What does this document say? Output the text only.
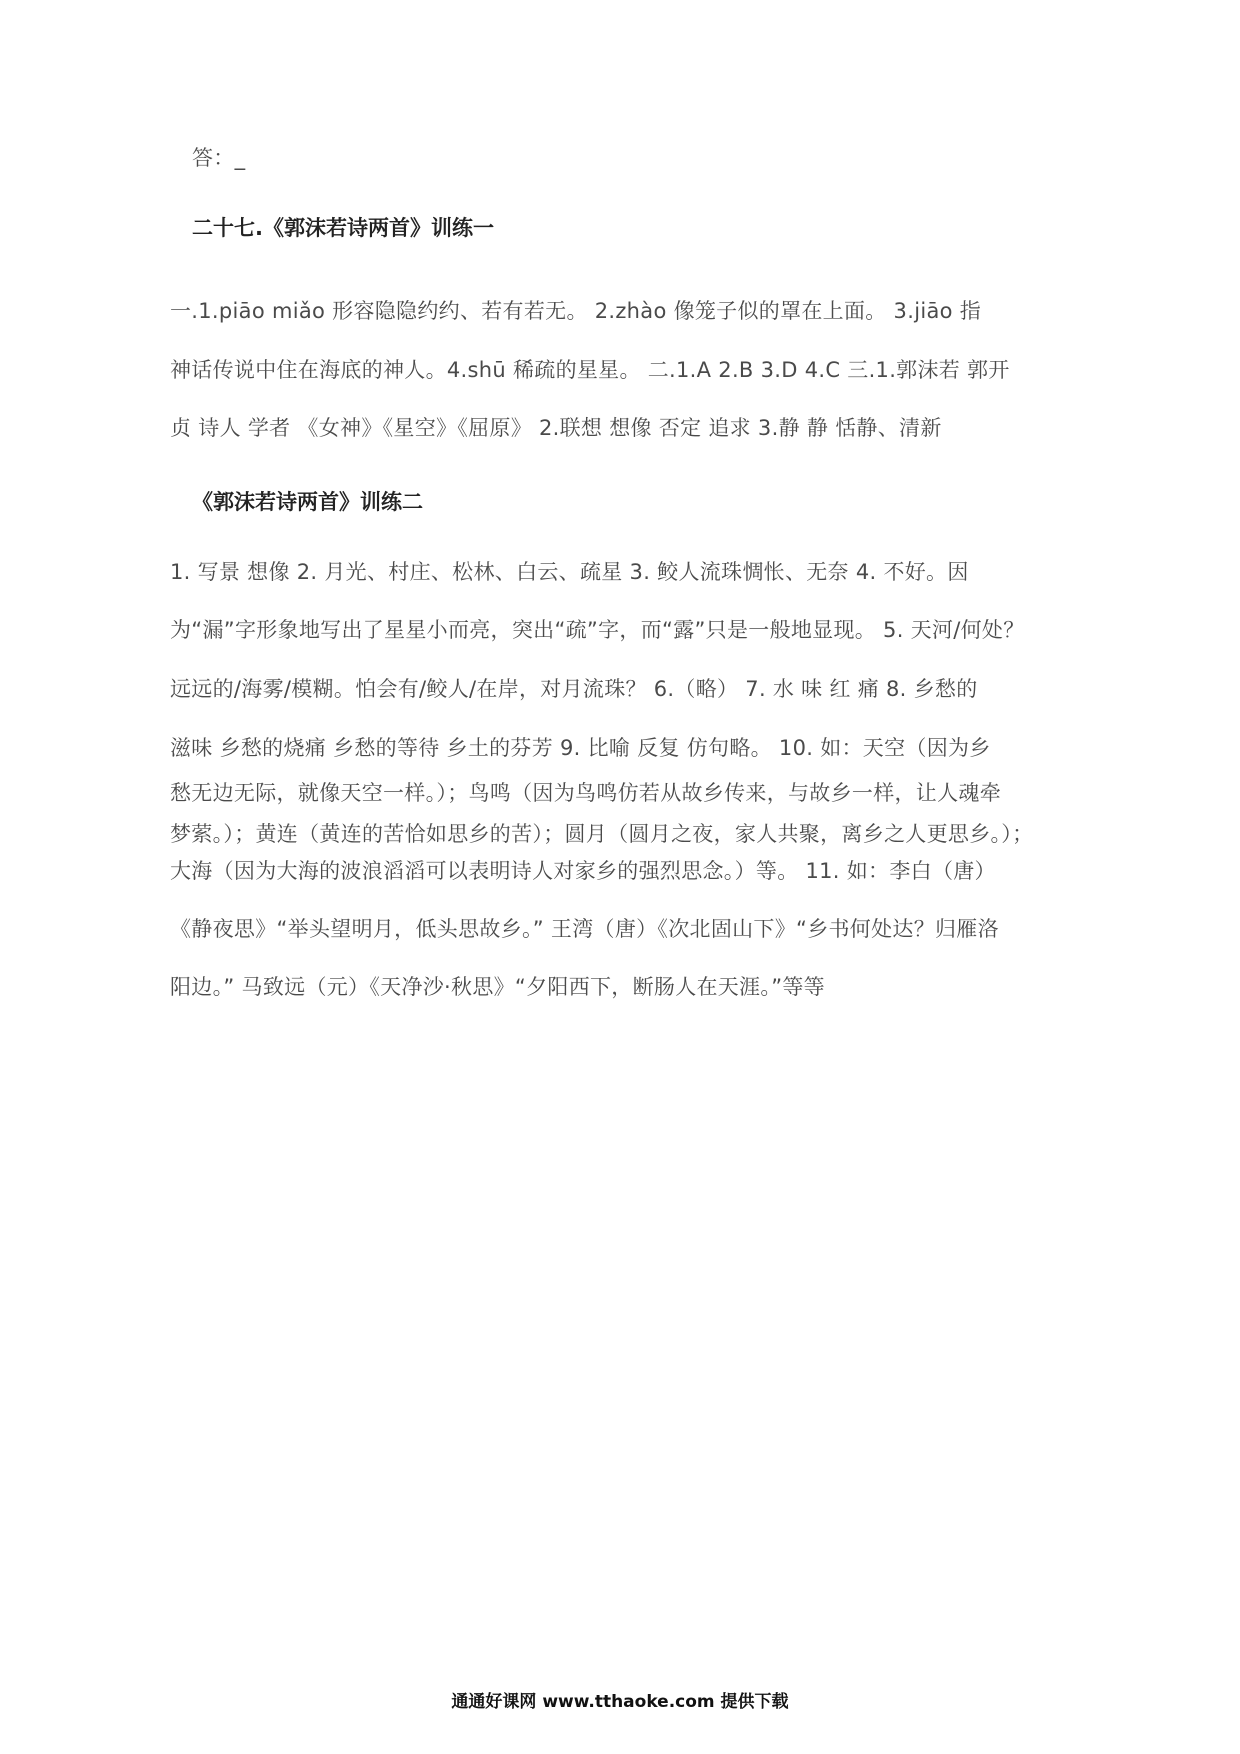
答：_
二十七.《郭沫若诗两首》训练一
一.1.piāo miǎo 形容隐隐约约、若有若无。 2.zhào 像笼子似的罩在上面。 3.jiāo 指
神话传说中住在海底的神人。4.shū 稀疏的星星。 二.1.A 2.B 3.D 4.C 三.1.郭沫若 郭开
贞 诗人 学者 《女神》《星空》《屈原》 2.联想 想像 否定 追求 3.静 静 恬静、清新
《郭沫若诗两首》训练二
1. 写景 想像 2. 月光、村庄、松林、白云、疏星 3. 鲛人流珠惆怅、无奈 4. 不好。因
为“漏”字形象地写出了星星小而亮，突出“疏”字，而“露”只是一般地显现。 5. 天河/何处？
远远的/海雾/模糊。怕会有/鲛人/在岸，对月流珠？ 6.（略） 7. 水 味 红 痛 8. 乡愁的
滋味 乡愁的烧痛 乡愁的等待 乡土的芬芳 9. 比喻 反复 仿句略。 10. 如：天空（因为乡
愁无边无际，就像天空一样。）；鸟鸣（因为鸟鸣仿若从故乡传来，与故乡一样，让人魂牵
梦萦。）；黄连（黄连的苦恰如思乡的苦）；圆月（圆月之夜，家人共聚，离乡之人更思乡。）；
大海（因为大海的波浪滔滔可以表明诗人对家乡的强烈思念。）等。 11. 如：李白（唐）
《静夜思》“举头望明月，低头思故乡。” 王湾（唐）《次北固山下》“乡书何处达？归雁洛
阳边。” 马致远（元）《天净沙·秋思》“夕阳西下，断肠人在天涯。”等等
通通好课网 www.tthaoke.com 提供下载
